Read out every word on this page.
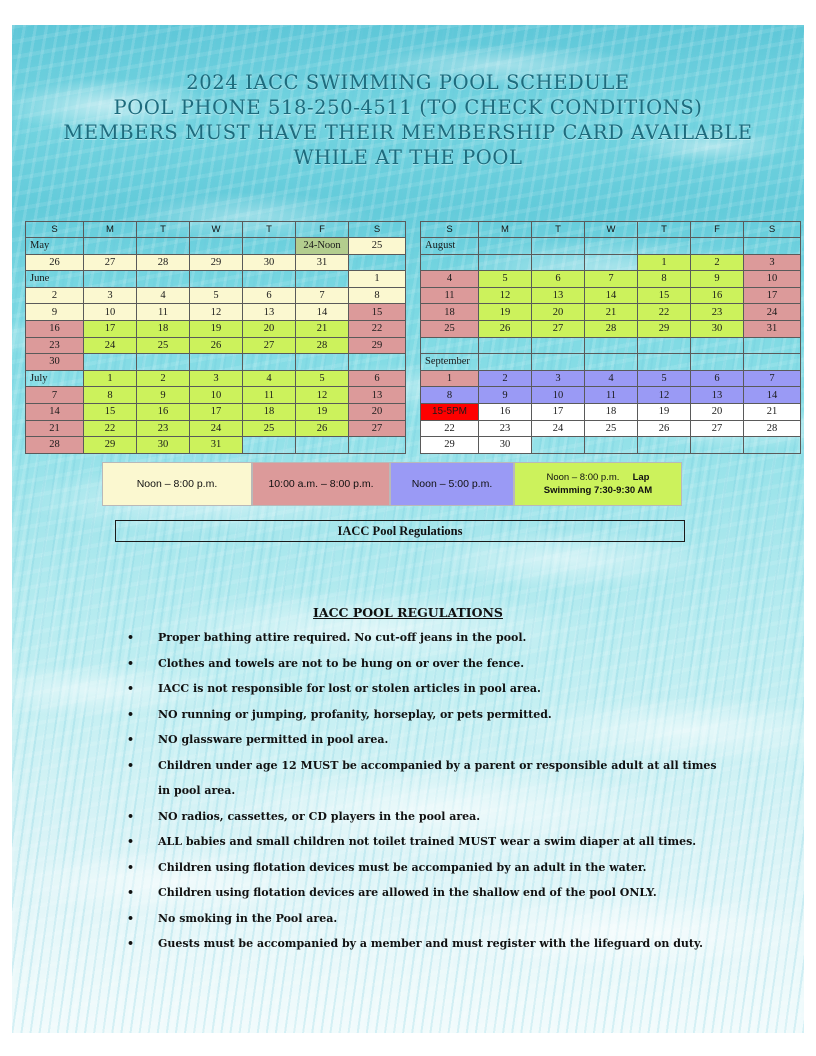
2024 IACC SWIMMING POOL SCHEDULE
POOL PHONE 518-250-4511 (TO CHECK CONDITIONS)
MEMBERS MUST HAVE THEIR MEMBERSHIP CARD AVAILABLE
WHILE AT THE POOL
S	M	T	W	T	F	S
May					24-Noon	25
26	27	28	29	30	31	
June						1
2	3	4	5	6	7	8
9	10	11	12	13	14	15
16	17	18	19	20	21	22
23	24	25	26	27	28	29
30						
July	1	2	3	4	5	6
7	8	9	10	11	12	13
14	15	16	17	18	19	20
21	22	23	24	25	26	27
28	29	30	31			
S	M	T	W	T	F	S
August						
				1	2	3
4	5	6	7	8	9	10
11	12	13	14	15	16	17
18	19	20	21	22	23	24
25	26	27	28	29	30	31

September						
1	2	3	4	5	6	7
8	9	10	11	12	13	14
15-5PM	16	17	18	19	20	21
22	23	24	25	26	27	28
29	30					
Noon – 8:00 p.m.	10:00 a.m. – 8:00 p.m.	Noon – 5:00 p.m.
Noon – 8:00 p.m. Lap
Swimming 7:30-9:30 AM
IACC Pool Regulations
IACC POOL REGULATIONS
• Proper bathing attire required. No cut-off jeans in the pool.
• Clothes and towels are not to be hung on or over the fence.
• IACC is not responsible for lost or stolen articles in pool area.
• NO running or jumping, profanity, horseplay, or pets permitted.
• NO glassware permitted in pool area.
• Children under age 12 MUST be accompanied by a parent or responsible adult at all times in pool area.
• NO radios, cassettes, or CD players in the pool area.
• ALL babies and small children not toilet trained MUST wear a swim diaper at all times.
• Children using flotation devices must be accompanied by an adult in the water.
• Children using flotation devices are allowed in the shallow end of the pool ONLY.
• No smoking in the Pool area.
• Guests must be accompanied by a member and must register with the lifeguard on duty.
